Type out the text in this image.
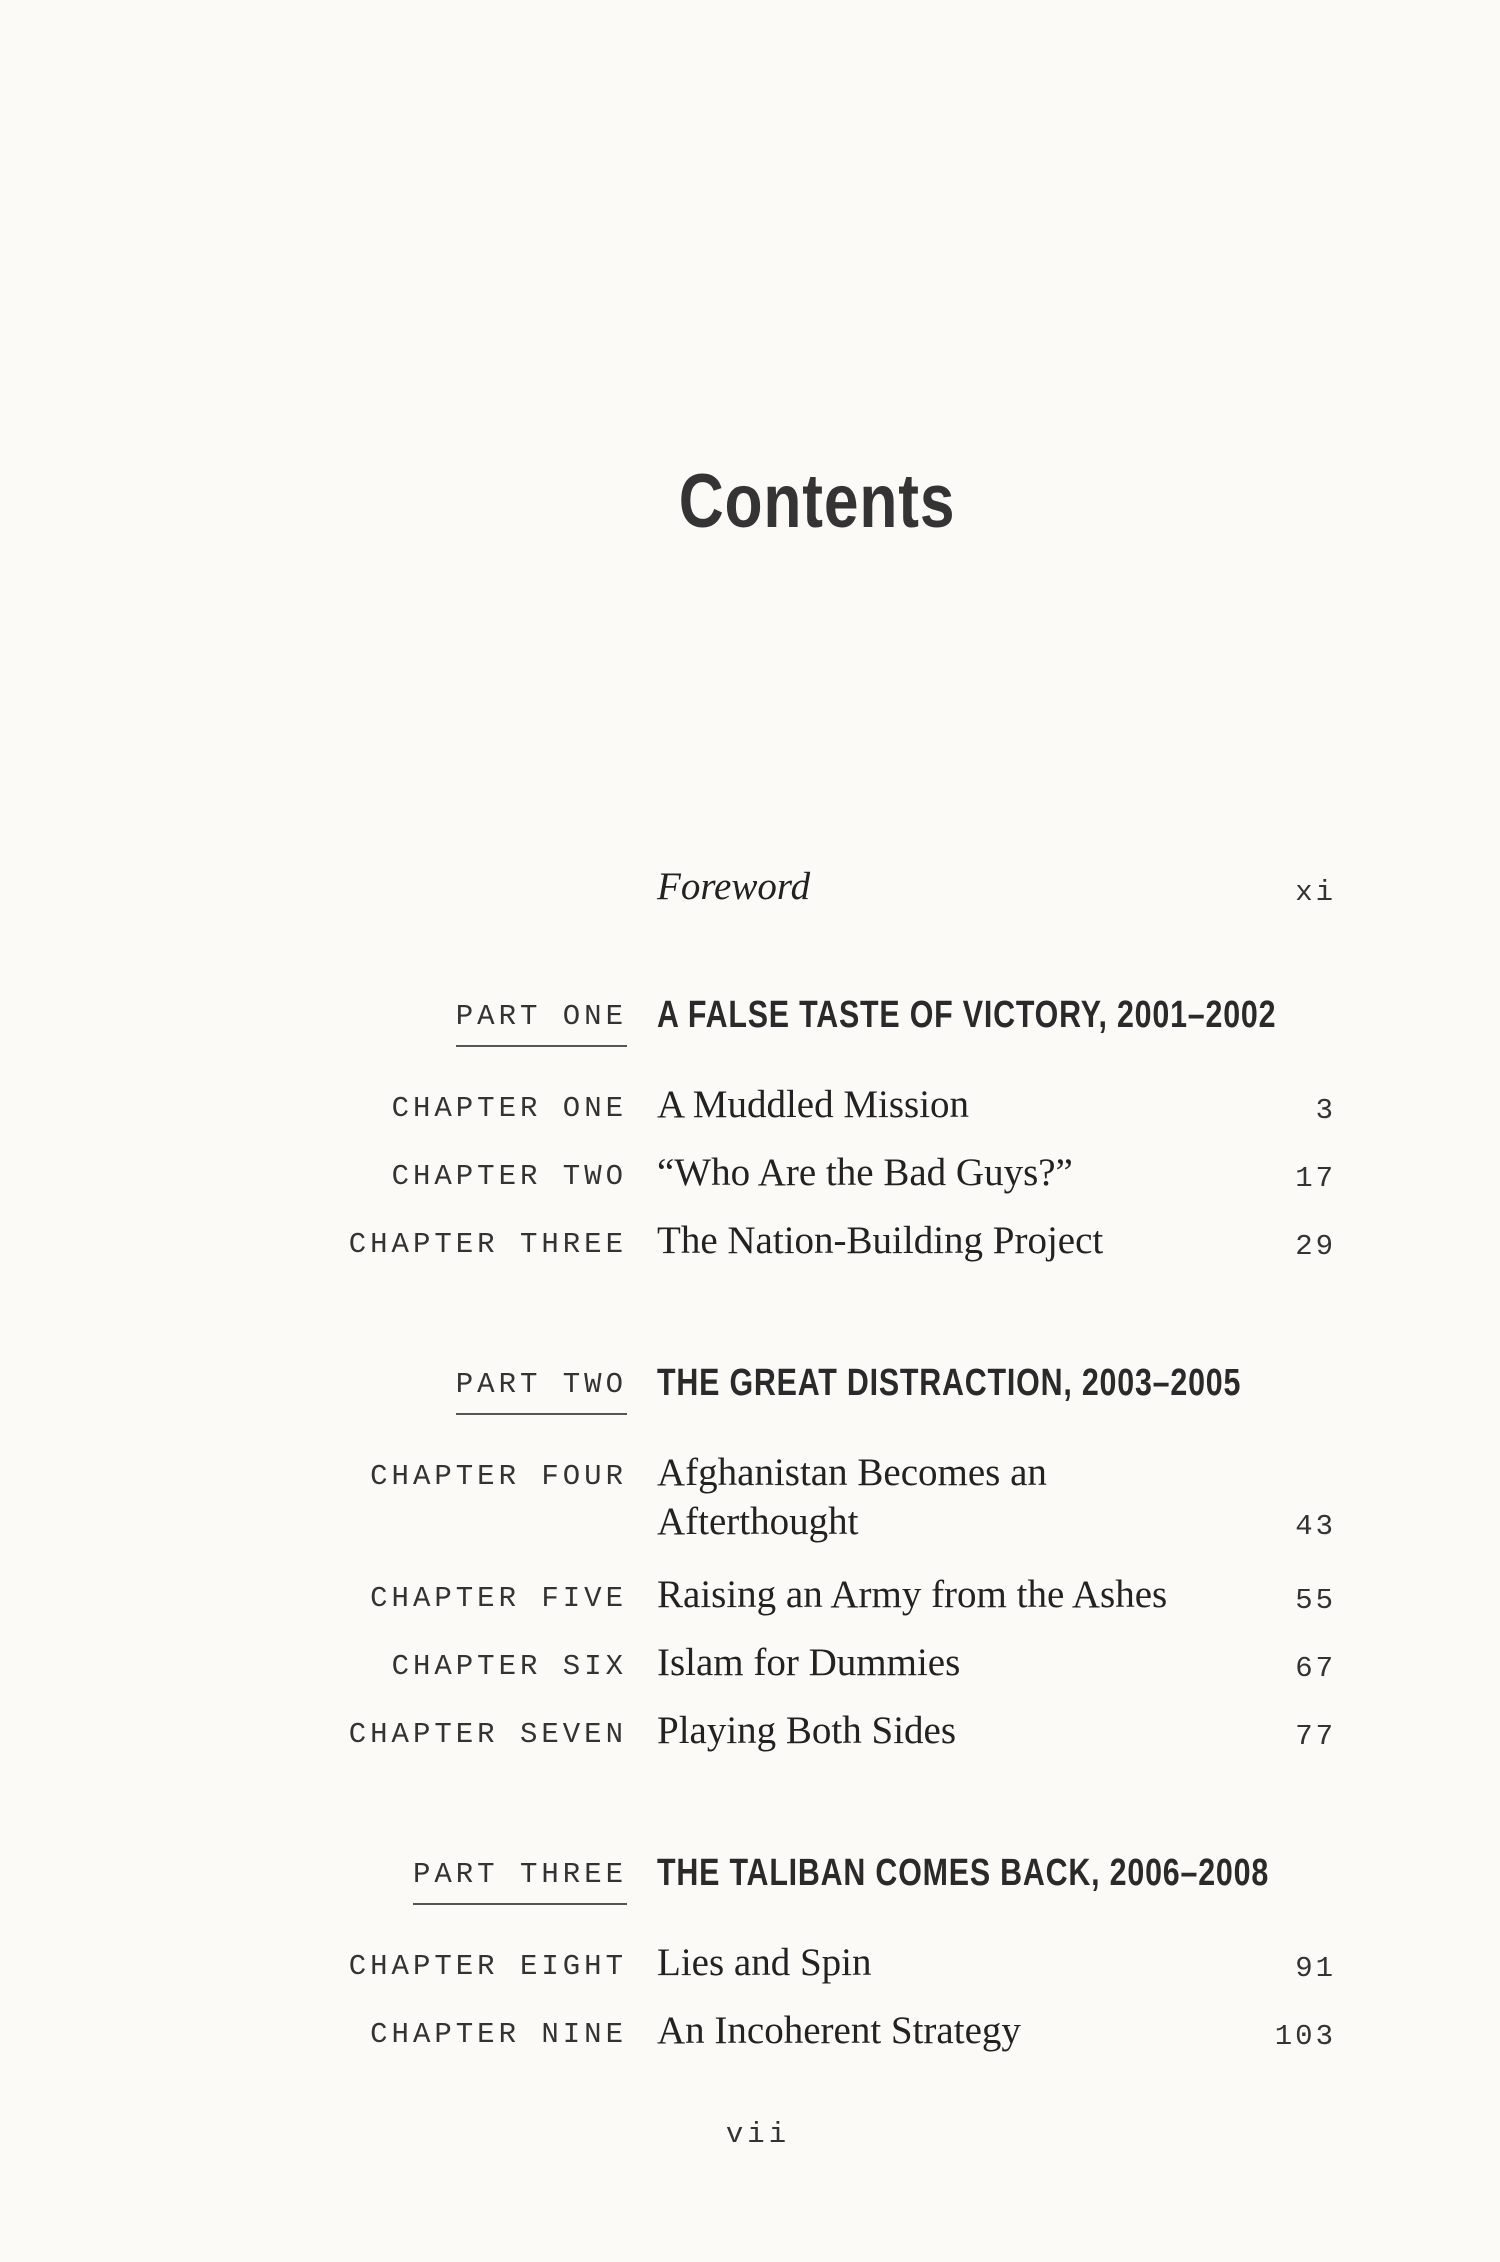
Contents
Foreword	xi
PART ONE A FALSE TASTE OF VICTORY, 2001–2002
CHAPTER ONE A Muddled Mission	3
CHAPTER TWO “Who Are the Bad Guys?”	17
CHAPTER THREE The Nation-Building Project	29
PART TWO THE GREAT DISTRACTION, 2003–2005
CHAPTER FOUR Afghanistan Becomes an
Afterthought	43
CHAPTER FIVE Raising an Army from the Ashes	55
CHAPTER SIX Islam for Dummies	67
CHAPTER SEVEN Playing Both Sides	77
PART THREE THE TALIBAN COMES BACK, 2006–2008
CHAPTER EIGHT Lies and Spin	91
CHAPTER NINE An Incoherent Strategy	103
vii
